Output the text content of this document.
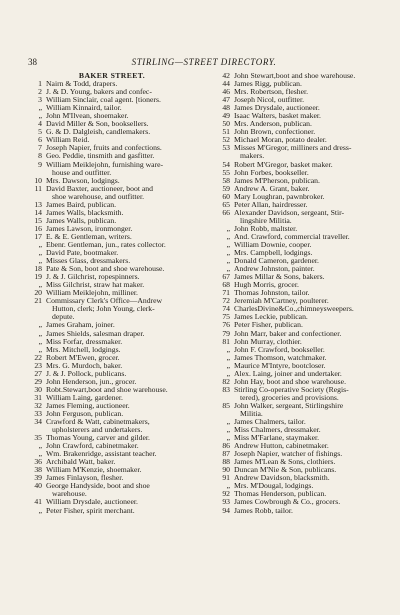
38	STIRLING—STREET DIRECTORY.
BAKER STREET.
1 Nairn & Todd, drapers.
2 J. & D. Young, bakers and confec-
3 William Sinclair, coal agent. [tioners.
„ William Kinnaird, tailor.
„ John M'Ilvean, shoemaker.
4 David Miller & Son, booksellers.
5 G. & D. Dalgleish, candlemakers.
6 William Reid.
7 Joseph Napier, fruits and confections.
8 Geo. Peddie, tinsmith and gasfitter.
9 William Meiklejohn, furnishing ware-
house and outfitter.
10 Mrs. Dawson, lodgings.
11 David Baxter, auctioneer, boot and
shoe warehouse, and outfitter.
13 James Baird, publican.
14 James Walls, blacksmith.
15 James Walls, publican.
16 James Lawson, ironmonger.
17 E. & E. Gentleman, writers.
„ Ebenr. Gentleman, jun., rates collector.
„ David Pate, bootmaker.
„ Misses Glass, dressmakers.
18 Pate & Son, boot and shoe warehouse.
19 J. & J. Gilchrist, ropespinners.
„ Miss Gilchrist, straw hat maker.
20 William Meiklejohn, milliner.
21 Commissary Clerk's Office—Andrew
Hutton, clerk; John Young, clerk-
depute.
„ James Graham, joiner.
„ James Shields, salesman draper.
„ Miss Forfar, dressmaker.
„ Mrs. Mitchell, lodgings.
22 Robert M'Ewen, grocer.
23 Mrs. G. Murdoch, baker.
27 J. & J. Pollock, publicans.
29 John Henderson, jun., grocer.
30 Robt.Stewart,boot and shoe warehouse.
31 William Laing, gardener.
32 James Fleming, auctioneer.
33 John Ferguson, publican.
34 Crawford & Watt, cabinetmakers,
upholsterers and undertakers.
35 Thomas Young, carver and gilder.
„ John Crawford, cabinetmaker.
„ Wm. Brakenridge, assistant teacher.
36 Archibald Watt, baker.
38 William M'Kenzie, shoemaker.
39 James Finlayson, flesher.
40 George Handyside, boot and shoe
warehouse.
41 William Drysdale, auctioneer.
„ Peter Fisher, spirit merchant.
42 John Stewart,boot and shoe warehouse.
44 James Rigg, publican.
46 Mrs. Robertson, flesher.
47 Joseph Nicol, outfitter.
48 James Drysdale, auctioneer.
49 Isaac Walters, basket maker.
50 Mrs. Anderson, publican.
51 John Brown, confectioner.
52 Michael Moran, potato dealer.
53 Misses M'Gregor, milliners and dress-
makers.
54 Robert M'Gregor, basket maker.
55 John Forbes, bookseller.
58 James M'Pherson, publican.
59 Andrew A. Grant, baker.
60 Mary Loughran, pawnbroker.
65 Peter Allan, hairdresser.
66 Alexander Davidson, sergeant, Stir-
lingshire Militia.
„ John Robb, maltster.
„ And. Crawford, commercial traveller.
„ William Downie, cooper.
„ Mrs. Campbell, lodgings.
„ Donald Cameron, gardener.
„ Andrew Johnston, painter.
67 James Millar & Sons, bakers.
68 Hugh Morris, grocer.
71 Thomas Johnston, tailor.
72 Jeremiah M'Cartney, poulterer.
74 CharlesDivine&Co.,chimneysweepers.
75 James Leckie, publican.
76 Peter Fisher, publican.
79 John Marr, baker and confectioner.
81 John Murray, clothier.
„ John F. Crawford, bookseller.
„ James Thomson, watchmaker.
„ Maurice M'Intyre, bootcloser.
„ Alex. Laing, joiner and undertaker.
82 John Hay, boot and shoe warehouse.
83 Stirling Co-operative Society (Regis-
tered), groceries and provisions.
85 John Walker, sergeant, Stirlingshire
Militia.
„ James Chalmers, tailor.
„ Miss Chalmers, dressmaker.
„ Miss M'Farlane, staymaker.
86 Andrew Hutton, cabinetmaker.
87 Joseph Napier, watcher of fishings.
88 James M'Lean & Sons, clothiers.
90 Duncan M'Nie & Son, publicans.
91 Andrew Davidson, blacksmith.
„ Mrs. M'Dougal, lodgings.
92 Thomas Henderson, publican.
93 James Cowbrough & Co., grocers.
94 James Robb, tailor.
